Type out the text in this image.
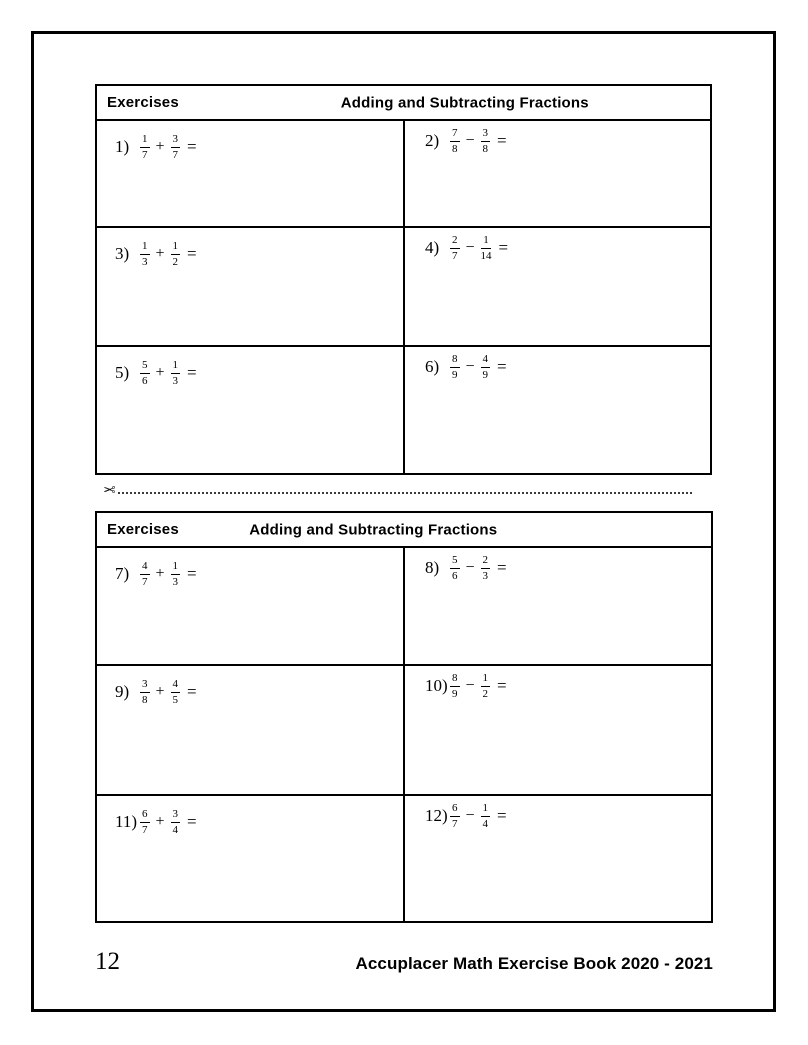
Exercises	Adding and Subtracting Fractions
$1) \frac{1}{7} + \frac{3}{7}$ =	$2) \frac{7}{8} - \frac{3}{8}$ =
$3) \frac{1}{3} + \frac{1}{2}$ =	$4) \frac{2}{7} - \frac{1}{14}$ =
$5) \frac{5}{6} + \frac{1}{3}$ =	$6) \frac{8}{9} - \frac{4}{9}$ =
✂
Exercises	Adding and Subtracting Fractions
$7) \frac{4}{7} + \frac{1}{3}$ =	$8) \frac{5}{6} - \frac{2}{3}$ =
$9) \frac{3}{8} + \frac{4}{5}$ =	$10) \frac{8}{9} - \frac{1}{2}$ =
$11) \frac{6}{7} + \frac{3}{4}$ =	$12) \frac{6}{7} - \frac{1}{4}$ =
12	Accuplacer Math Exercise Book 2020 - 2021
